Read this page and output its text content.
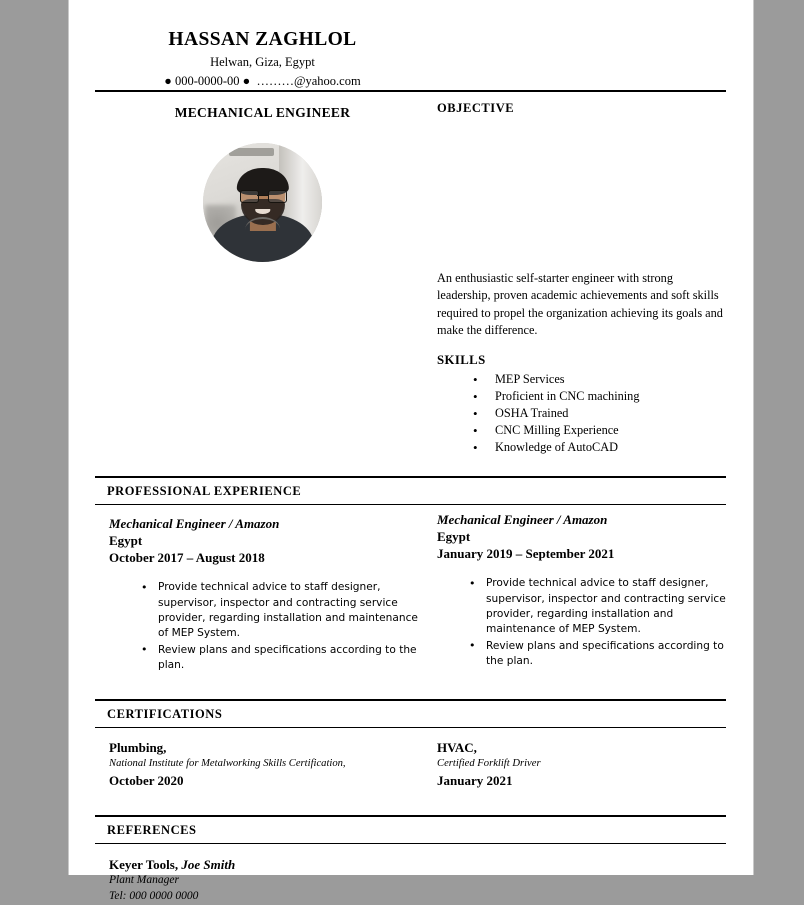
HASSAN ZAGHLOL
Helwan, Giza, Egypt
● 000-0000-00 ●  ………@yahoo.com
MECHANICAL ENGINEER	OBJECTIVE
An enthusiastic self-starter engineer with strong leadership, proven academic achievements and soft skills required to propel the organization achieving its goals and make the difference.
SKILLS
• MEP Services
• Proficient in CNC machining
• OSHA Trained
• CNC Milling Experience
• Knowledge of AutoCAD
PROFESSIONAL EXPERIENCE
Mechanical Engineer / Amazon
Egypt
October 2017 – August 2018
• Provide technical advice to staff designer, supervisor, inspector and contracting service provider, regarding installation and maintenance of MEP System.
• Review plans and specifications according to the plan.
Mechanical Engineer / Amazon
Egypt
January 2019 – September 2021
• Provide technical advice to staff designer, supervisor, inspector and contracting service provider, regarding installation and maintenance of MEP System.
• Review plans and specifications according to the plan.
CERTIFICATIONS
Plumbing,
National Institute for Metalworking Skills Certification,
October 2020
HVAC,
Certified Forklift Driver
January 2021
REFERENCES
Keyer Tools, Joe Smith
Plant Manager
Tel: 000 0000 0000
